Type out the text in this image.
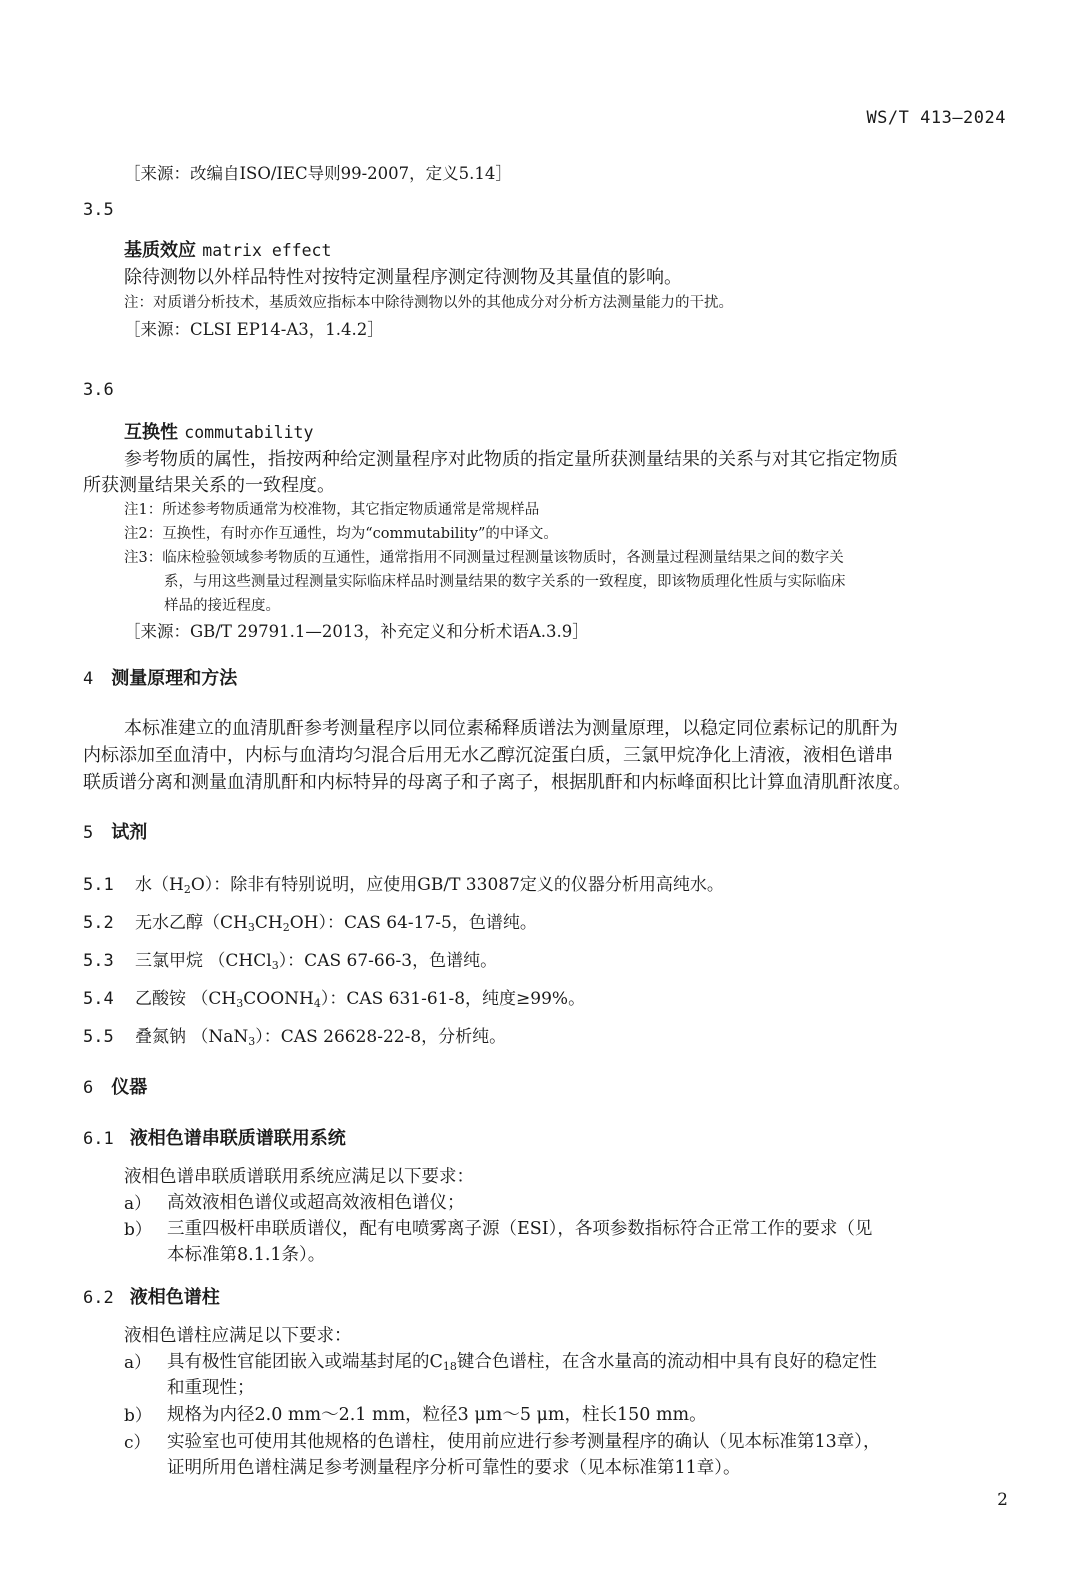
WS/T 413—2024
［来源：改编自ISO/IEC导则99-2007，定义5.14］
3.5
基质效应 matrix effect
除待测物以外样品特性对按特定测量程序测定待测物及其量值的影响。
注：对质谱分析技术，基质效应指标本中除待测物以外的其他成分对分析方法测量能力的干扰。
［来源：CLSI EP14-A3，1.4.2］
3.6
互换性 commutability
参考物质的属性，指按两种给定测量程序对此物质的指定量所获测量结果的关系与对其它指定物质
所获测量结果关系的一致程度。
注1：所述参考物质通常为校准物，其它指定物质通常是常规样品
注2：互换性，有时亦作互通性，均为“commutability”的中译文。
注3：临床检验领域参考物质的互通性，通常指用不同测量过程测量该物质时，各测量过程测量结果之间的数字关
系，与用这些测量过程测量实际临床样品时测量结果的数字关系的一致程度，即该物质理化性质与实际临床
样品的接近程度。
［来源：GB/T 29791.1—2013，补充定义和分析术语A.3.9］
4 测量原理和方法
本标准建立的血清肌酐参考测量程序以同位素稀释质谱法为测量原理，以稳定同位素标记的肌酐为
内标添加至血清中，内标与血清均匀混合后用无水乙醇沉淀蛋白质，三氯甲烷净化上清液，液相色谱串
联质谱分离和测量血清肌酐和内标特异的母离子和子离子，根据肌酐和内标峰面积比计算血清肌酐浓度。
5 试剂
5.1 水$(H_2O)$：除非有特别说明，应使用GB/T 33087定义的仪器分析用高纯水。
5.2 无水乙醇$(CH_3CH_2OH)$：CAS 64-17-5，色谱纯。
5.3 三氯甲烷 （CHCl$_3$）：CAS 67-66-3，色谱纯。
5.4 乙酸铵 $(CH_3COONH_4)$：CAS 631-61-8，纯度≥99%。
5.5 叠氮钠 （NaN$_3$）：CAS 26628-22-8，分析纯。
6 仪器
6.1 液相色谱串联质谱联用系统
液相色谱串联质谱联用系统应满足以下要求：
a） 高效液相色谱仪或超高效液相色谱仪；
b） 三重四极杆串联质谱仪，配有电喷雾离子源（ESI），各项参数指标符合正常工作的要求（见
本标准第8.1.1条）。
6.2 液相色谱柱
液相色谱柱应满足以下要求：
a） 具有极性官能团嵌入或端基封尾的$C_{18}$键合色谱柱，在含水量高的流动相中具有良好的稳定性
和重现性；
b） 规格为内径2.0 mm～2.1 mm，粒径3 μm～5 μm，柱长150 mm。
c） 实验室也可使用其他规格的色谱柱，使用前应进行参考测量程序的确认（见本标准第13章），
证明所用色谱柱满足参考测量程序分析可靠性的要求（见本标准第11章）。
2
